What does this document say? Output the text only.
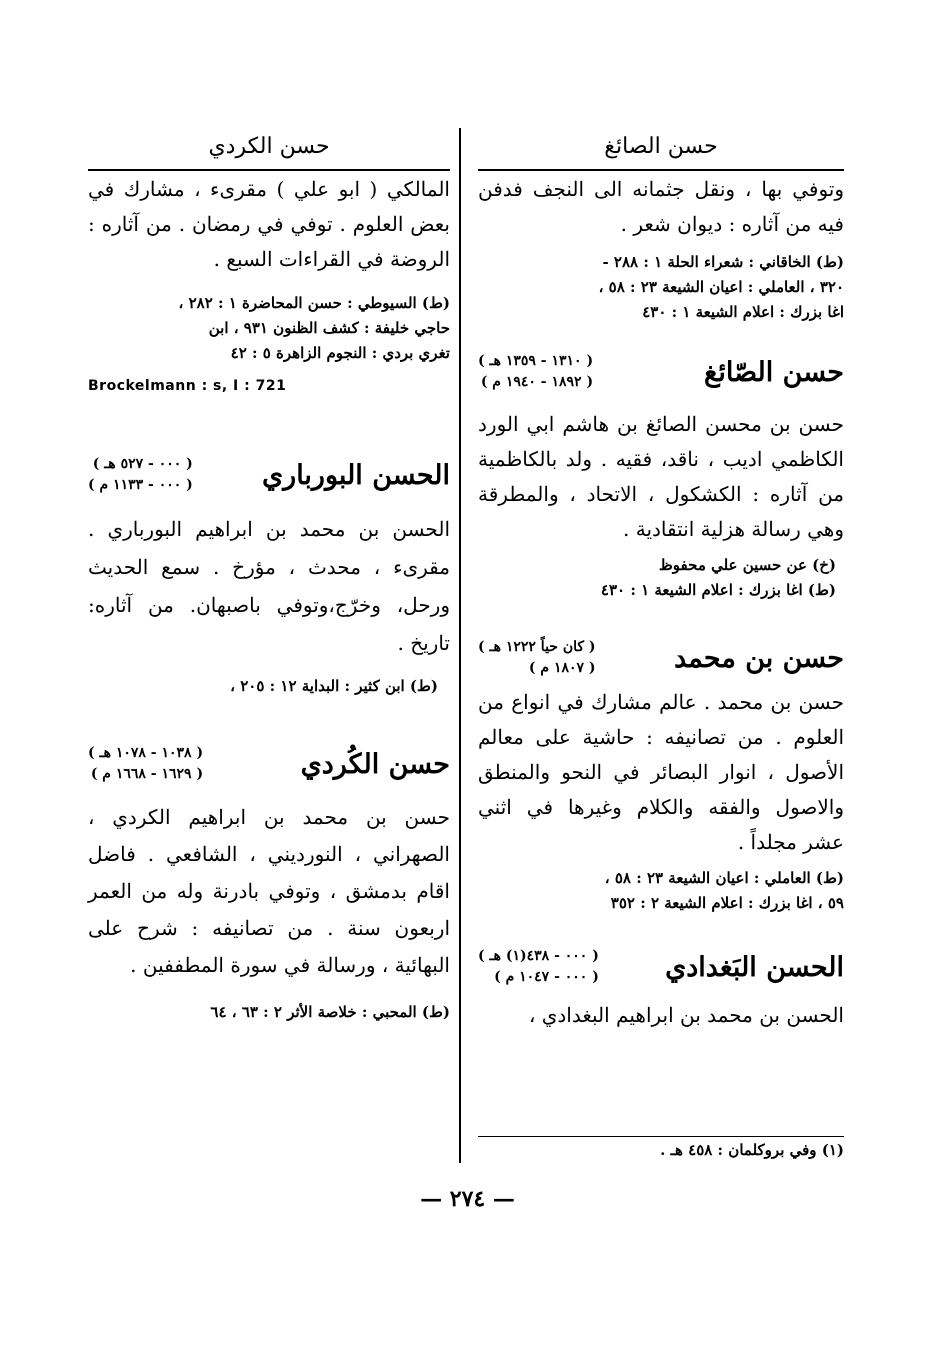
حسن الصائغ

وتوفي بها ، ونقل جثمانه الى النجف فدفن فيه من آثاره : ديوان شعر .

(ط) الخاقاني : شعراء الحلة ١ : ٢٨٨ -

٣٢٠ ، العاملي : اعيان الشيعة ٢٣ : ٥٨ ،

اغا بزرك : اعلام الشيعة ١ : ٤٣٠

حسن الصّائغ
( ١٣١٠ - ١٣٥٩ هـ )
( ١٨٩٢ - ١٩٤٠ م )

حسن بن محسن الصائغ بن هاشم ابي الورد الكاظمي اديب ، ناقد، فقيه . ولد بالكاظمية من آثاره : الكشكول ، الاتحاد ، والمطرقة وهي رسالة هزلية انتقادية .

(خ) عن حسين علي محفوظ

(ط) اغا بزرك : اعلام الشيعة ١ : ٤٣٠

حسن بن محمد
( كان حياً ١٢٢٢ هـ )
( ١٨٠٧ م )

حسن بن محمد . عالم مشارك في انواع من العلوم . من تصانيفه : حاشية على معالم الأصول ، انوار البصائر في النحو والمنطق والاصول والفقه والكلام وغيرها في اثني عشر مجلداً .

(ط) العاملي : اعيان الشيعة ٢٣ : ٥٨ ،

٥٩ ، اغا بزرك : اعلام الشيعة ٢ : ٣٥٢

الحسن البَغدادي
( ٠٠٠ - ٤٣٨(١) هـ )
( ٠٠٠ - ١٠٤٧ م )

الحسن بن محمد بن ابراهيم البغدادي ،

حسن الكردي

المالكي ( ابو علي ) مقرىء ، مشارك في بعض العلوم . توفي في رمضان . من آثاره : الروضة في القراءات السبع .

(ط) السيوطي : حسن المحاضرة ١ : ٢٨٢ ،

حاجي خليفة : كشف الظنون ٩٣١ ، ابن

تغري بردي : النجوم الزاهرة ٥ : ٤٢

Brockelmann : s, I : 721

الحسن البورباري
( ٠٠٠ - ٥٢٧ هـ )
( ٠٠٠ - ١١٣٣ م )

الحسن بن محمد بن ابراهيم البورباري . مقرىء ، محدث ، مؤرخ . سمع الحديث ورحل، وخرّج،وتوفي باصبهان. من آثاره: تاريخ .

(ط) ابن كثير : البداية ١٢ : ٢٠٥ ،

حسن الكُردي
( ١٠٣٨ - ١٠٧٨ هـ )
( ١٦٢٩ - ١٦٦٨ م )

حسن بن محمد بن ابراهيم الكردي ، الصهراني ، النورديني ، الشافعي . فاضل اقام بدمشق ، وتوفي بادرنة وله من العمر اربعون سنة . من تصانيفه : شرح على البهائية ، ورسالة في سورة المطففين .

(ط) المحبي : خلاصة الأثر ٢ : ٦٣ ، ٦٤

(١) وفي بروكلمان : ٤٥٨ هـ .
— ٢٧٤ —
